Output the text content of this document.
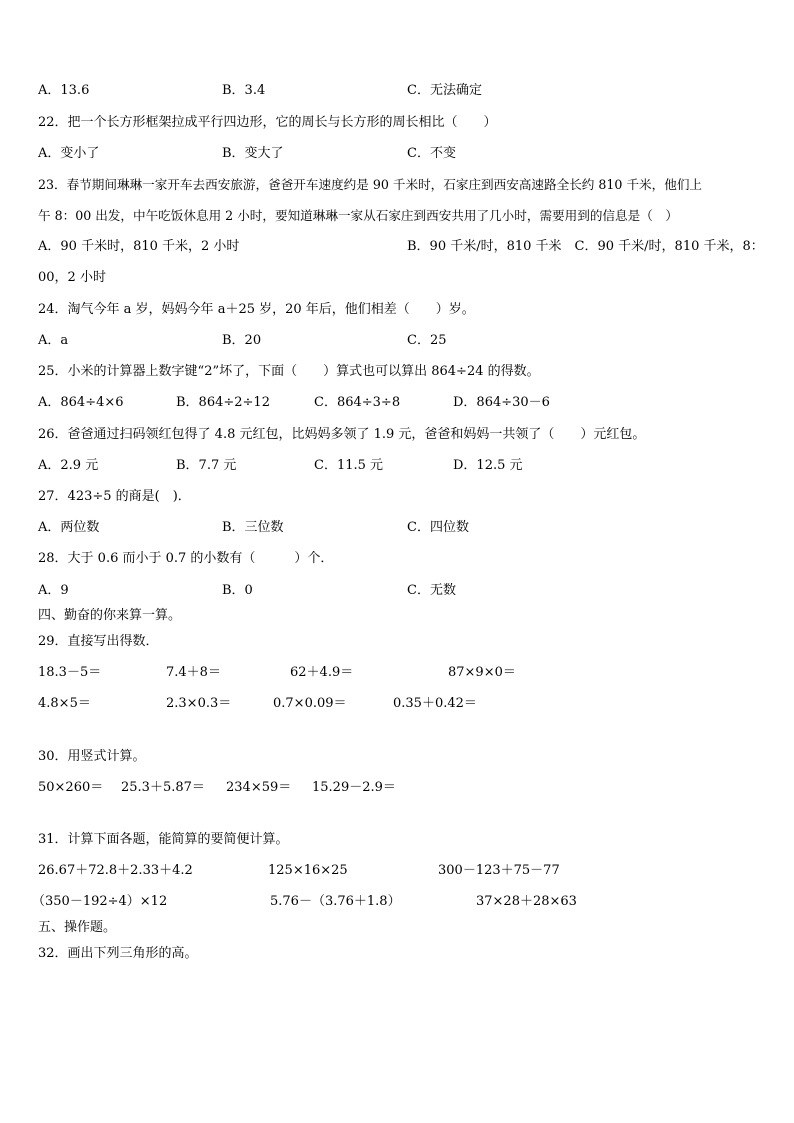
A．13.6	B．3.4	C．无法确定
22．把一个长方形框架拉成平行四边形，它的周长与长方形的周长相比（　　）
A．变小了	B．变大了	C．不变
23．春节期间琳琳一家开车去西安旅游，爸爸开车速度约是 90 千米时，石家庄到西安高速路全长约 810 千米，他们上
午 8：00 出发，中午吃饭休息用 2 小时，要知道琳琳一家从石家庄到西安共用了几小时，需要用到的信息是（　）
A．90 千米时，810 千米，2 小时	B．90 千米/时，810 千米　C．90 千米/时，810 千米，8：
00，2 小时
24．淘气今年 a 岁，妈妈今年 a＋25 岁，20 年后，他们相差（　　）岁。
A．a	B．20	C．25
25．小米的计算器上数字键“2”坏了，下面（　　）算式也可以算出 864÷24 的得数。
A．864÷4×6	B．864÷2÷12	C．864÷3÷8	D．864÷30－6
26．爸爸通过扫码领红包得了 4.8 元红包，比妈妈多领了 1.9 元，爸爸和妈妈一共领了（　　）元红包。
A．2.9 元	B．7.7 元	C．11.5 元	D．12.5 元
27．423÷5 的商是(　)．
A．两位数	B．三位数	C．四位数
28．大于 0.6 而小于 0.7 的小数有（　　　）个．
A．9	B．0	C．无数
四、勤奋的你来算一算。
29．直接写出得数．
18.3－5＝	7.4＋8＝	62＋4.9＝	87×9×0＝
4.8×5＝	2.3×0.3＝	0.7×0.09＝	0.35＋0.42＝
30．用竖式计算。
50×260＝ 25.3＋5.87＝ 234×59＝ 15.29－2.9＝
31．计算下面各题，能简算的要简便计算。
26.67＋72.8＋2.33＋4.2	125×16×25	300－123＋75－77
（350－192÷4）×12	5.76－（3.76＋1.8）	37×28＋28×63
五、操作题。
32．画出下列三角形的高。
